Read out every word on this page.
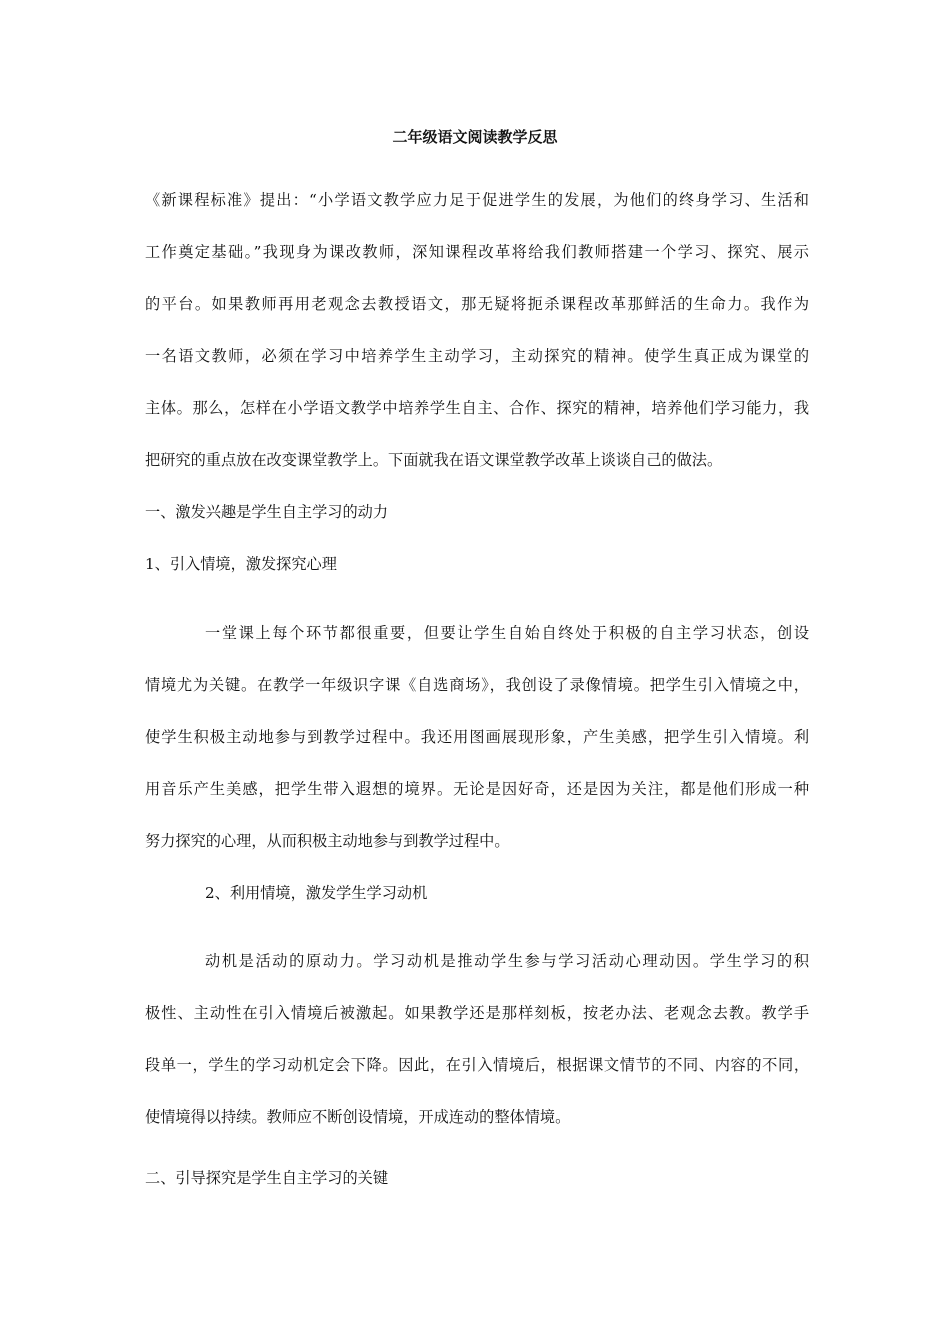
二年级语文阅读教学反思
《新课程标准》提出：“小学语文教学应力足于促进学生的发展，为他们的终身学习、生活和
工作奠定基础。”我现身为课改教师，深知课程改革将给我们教师搭建一个学习、探究、展示
的平台。如果教师再用老观念去教授语文，那无疑将扼杀课程改革那鲜活的生命力。我作为
一名语文教师，必须在学习中培养学生主动学习，主动探究的精神。使学生真正成为课堂的
主体。那么，怎样在小学语文教学中培养学生自主、合作、探究的精神，培养他们学习能力，我
把研究的重点放在改变课堂教学上。下面就我在语文课堂教学改革上谈谈自己的做法。
一、激发兴趣是学生自主学习的动力
1、引入情境，激发探究心理
一堂课上每个环节都很重要，但要让学生自始自终处于积极的自主学习状态，创设
情境尤为关键。在教学一年级识字课《自选商场》，我创设了录像情境。把学生引入情境之中，
使学生积极主动地参与到教学过程中。我还用图画展现形象，产生美感，把学生引入情境。利
用音乐产生美感，把学生带入遐想的境界。无论是因好奇，还是因为关注，都是他们形成一种
努力探究的心理，从而积极主动地参与到教学过程中。
2、利用情境，激发学生学习动机
动机是活动的原动力。学习动机是推动学生参与学习活动心理动因。学生学习的积
极性、主动性在引入情境后被激起。如果教学还是那样刻板，按老办法、老观念去教。教学手
段单一，学生的学习动机定会下降。因此，在引入情境后，根据课文情节的不同、内容的不同，
使情境得以持续。教师应不断创设情境，开成连动的整体情境。
二、引导探究是学生自主学习的关键
